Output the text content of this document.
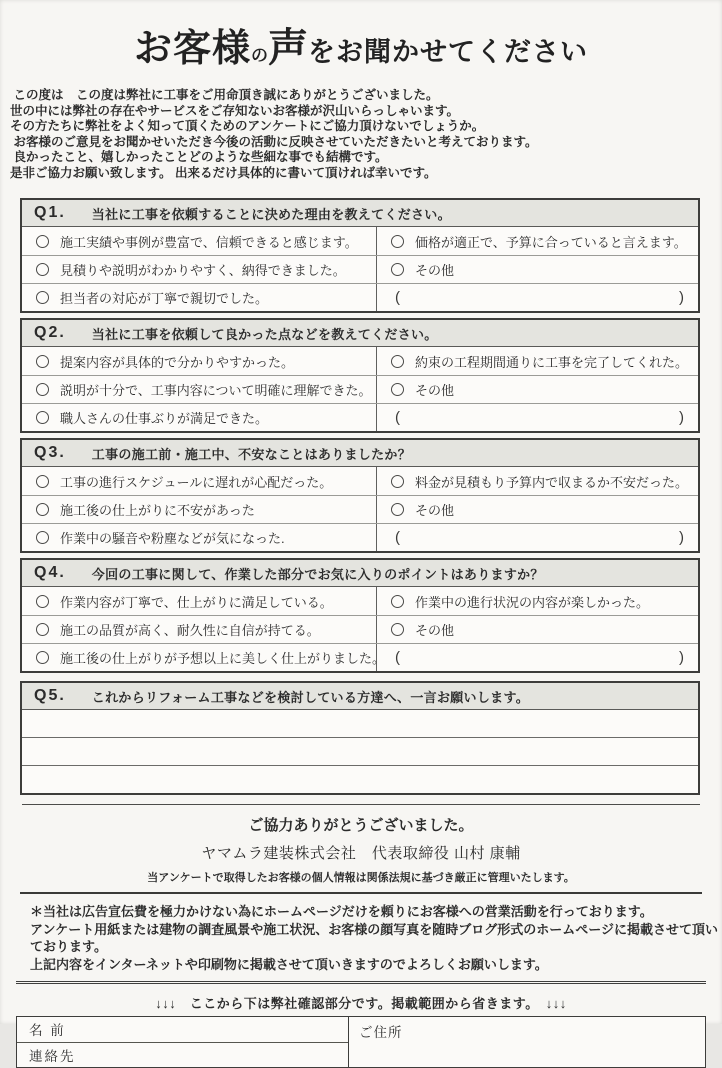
お客様の声をお聞かせてください
この度は　この度は弊社に工事をご用命頂き誠にありがとうございました。
世の中には弊社の存在やサービスをご存知ないお客様が沢山いらっしゃいます。
その方たちに弊社をよく知って頂くためのアンケートにご協力頂けないでしょうか。
お客様のご意見をお聞かせいただき今後の活動に反映させていただきたいと考えております。
良かったこと、嬉しかったことどのような些細な事でも結構です。
是非ご協力お願い致します。 出来るだけ具体的に書いて頂ければ幸いです。
Q1. 当社に工事を依頼することに決めた理由を教えてください。
施工実績や事例が豊富で、信頼できると感じます。	価格が適正で、予算に合っていると言えます。
見積りや説明がわかりやすく、納得できました。	その他
担当者の対応が丁寧で親切でした。	(	)
Q2. 当社に工事を依頼して良かった点などを教えてください。
提案内容が具体的で分かりやすかった。	約束の工程期間通りに工事を完了してくれた。
説明が十分で、工事内容について明確に理解できた。	その他
職人さんの仕事ぶりが満足できた。	(	)
Q3. 工事の施工前・施工中、不安なことはありましたか？
工事の進行スケジュールに遅れが心配だった。	料金が見積もり予算内で収まるか不安だった。
施工後の仕上がりに不安があった	その他
作業中の騒音や粉塵などが気になった.	(	)
Q4. 今回の工事に関して、作業した部分でお気に入りのポイントはありますか？
作業内容が丁寧で、仕上がりに満足している。	作業中の進行状況の内容が楽しかった。
施工の品質が高く、耐久性に自信が持てる。	その他
施工後の仕上がりが予想以上に美しく仕上がりました。 (	)
Q5. これからリフォーム工事などを検討している方達へ、一言お願いします。
ご協力ありがとうございました。
ヤマムラ建装株式会社　代表取締役 山村 康輔
当アンケートで取得したお客様の個人情報は関係法規に基づき厳正に管理いたします。
＊当社は広告宣伝費を極力かけない為にホームページだけを頼りにお客様への営業活動を行っております。
アンケート用紙または建物の調査風景や施工状況、お客様の顔写真を随時ブログ形式のホームページに掲載させて頂いております。
上記内容をインターネットや印刷物に掲載させて頂いきますのでよろしくお願いします。
↓↓↓　ここから下は弊社確認部分です。掲載範囲から省きます。　↓↓↓
名 前
連絡先
ご住所
